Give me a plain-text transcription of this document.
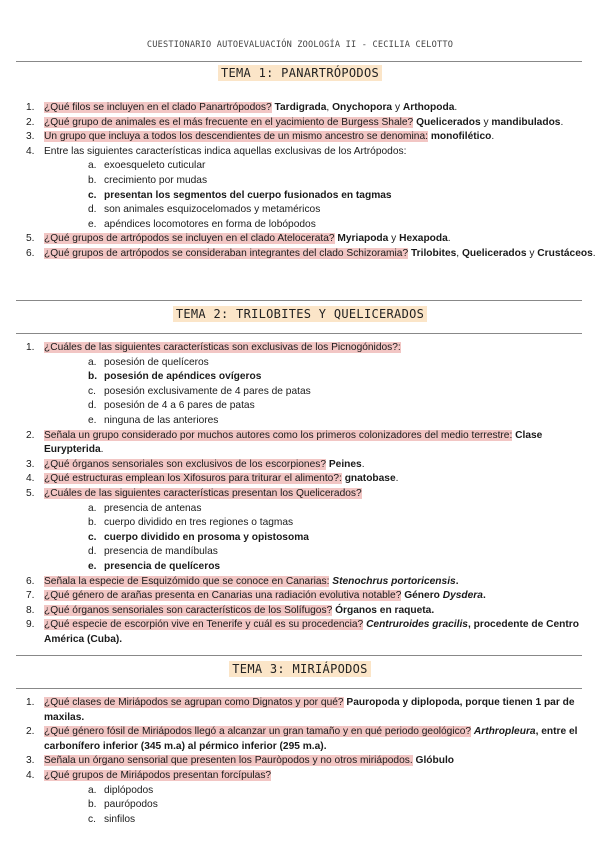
CUESTIONARIO AUTOEVALUACIÓN ZOOLOGÍA II - CECILIA CELOTTO
TEMA 1: PANARTRÓPODOS
1. ¿Qué filos se incluyen en el clado Panartrópodos? Tardigrada, Onychopora y Arthopoda.
2. ¿Qué grupo de animales es el más frecuente en el yacimiento de Burgess Shale? Quelicerados y mandibulados.
3. Un grupo que incluya a todos los descendientes de un mismo ancestro se denomina: monofilético.
4. Entre las siguientes características indica aquellas exclusivas de los Artrópodos:
a. exoesqueleto cuticular
b. crecimiento por mudas
c. presentan los segmentos del cuerpo fusionados en tagmas
d. son animales esquizocelomados y metaméricos
e. apéndices locomotores en forma de lobópodos
5. ¿Qué grupos de artrópodos se incluyen en el clado Atelocerata? Myriapoda y Hexapoda.
6. ¿Qué grupos de artrópodos se consideraban integrantes del clado Schizoramia? Trilobites, Quelicerados y Crustáceos.
TEMA 2: TRILOBITES Y QUELICERADOS
1. ¿Cuáles de las siguientes características son exclusivas de los Picnogónidos?:
a. posesión de quelíceros
b. posesión de apéndices ovígeros
c. posesión exclusivamente de 4 pares de patas
d. posesión de 4 a 6 pares de patas
e. ninguna de las anteriores
2. Señala un grupo considerado por muchos autores como los primeros colonizadores del medio terrestre: Clase Eurypterida.
3. ¿Qué órganos sensoriales son exclusivos de los escorpiones? Peines.
4. ¿Qué estructuras emplean los Xifosuros para triturar el alimento?: gnatobase.
5. ¿Cuáles de las siguientes características presentan los Quelicerados?
a. presencia de antenas
b. cuerpo dividido en tres regiones o tagmas
c. cuerpo dividido en prosoma y opistosoma
d. presencia de mandíbulas
e. presencia de quelíceros
6. Señala la especie de Esquizómido que se conoce en Canarias: Stenochrus portoricensis.
7. ¿Qué género de arañas presenta en Canarias una radiación evolutiva notable? Género Dysdera.
8. ¿Qué órganos sensoriales son característicos de los Solífugos? Órganos en raqueta.
9. ¿Qué especie de escorpión vive en Tenerife y cuál es su procedencia? Centruroides gracilis, procedente de Centro América (Cuba).
TEMA 3: MIRIÁPODOS
1. ¿Qué clases de Miriápodos se agrupan como Dignatos y por qué? Pauropoda y diplopoda, porque tienen 1 par de maxilas.
2. ¿Qué género fósil de Miriápodos llegó a alcanzar un gran tamaño y en qué periodo geológico? Arthropleura, entre el carbonífero inferior (345 m.a) al pérmico inferior (295 m.a).
3. Señala un órgano sensorial que presenten los Pauròpodos y no otros miriápodos. Glóbulo
4. ¿Qué grupos de Miriápodos presentan forcípulas?
a. diplópodos
b. paurópodos
c. sinfilos
